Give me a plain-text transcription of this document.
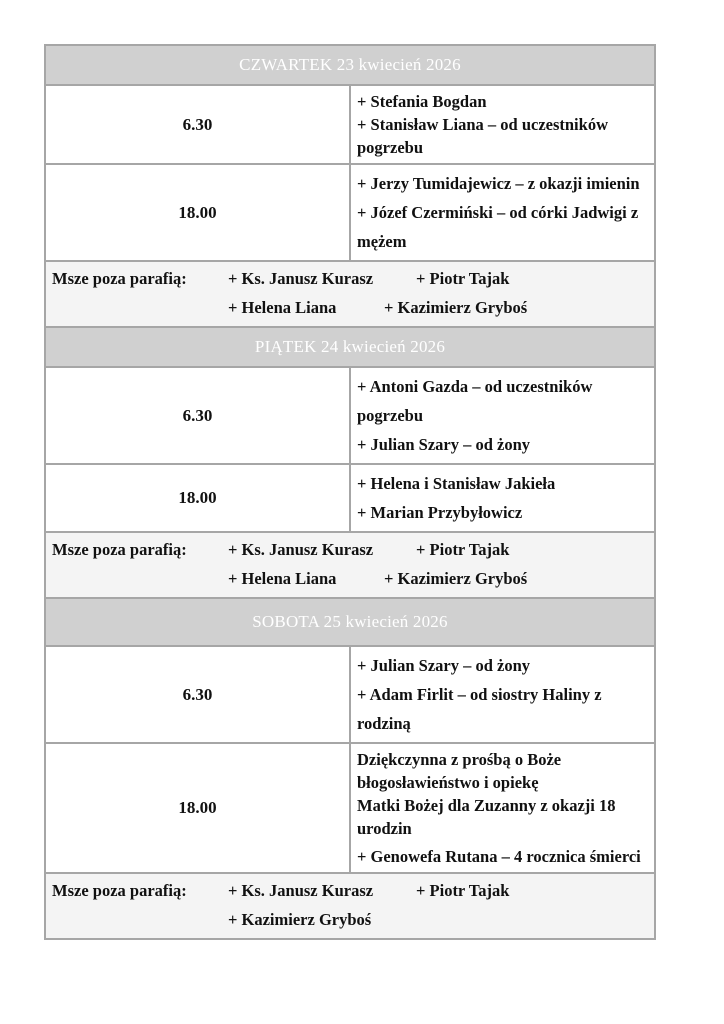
CZWARTEK 23 kwiecień 2026	
6.30	+ Stefania Bogdan
+ Stanisław Liana – od uczestników pogrzebu

18.00	+ Jerzy Tumidajewicz – z okazji imienin
+ Józef Czermiński – od córki Jadwigi z mężem

Msze poza parafią: + Ks. Janusz Kurasz + Piotr Tajak
+ Helena Liana + Kazimierz Gryboś	

PIĄTEK 24 kwiecień 2026	
6.30	+ Antoni Gazda – od uczestników pogrzebu
+ Julian Szary – od żony

18.00	+ Helena i Stanisław Jakieła
+ Marian Przybyłowicz

Msze poza parafią: + Ks. Janusz Kurasz + Piotr Tajak
+ Helena Liana + Kazimierz Gryboś	

SOBOTA 25 kwiecień 2026	
6.30	+ Julian Szary – od żony
+ Adam Firlit – od siostry Haliny z rodziną

18.00	Dziękczynna z prośbą o Boże błogosławieństwo i opiekę
Matki Bożej dla Zuzanny z okazji 18 urodzin
+ Genowefa Rutana – 4 rocznica śmierci

Msze poza parafią: + Ks. Janusz Kurasz + Piotr Tajak
+ Kazimierz Gryboś	
